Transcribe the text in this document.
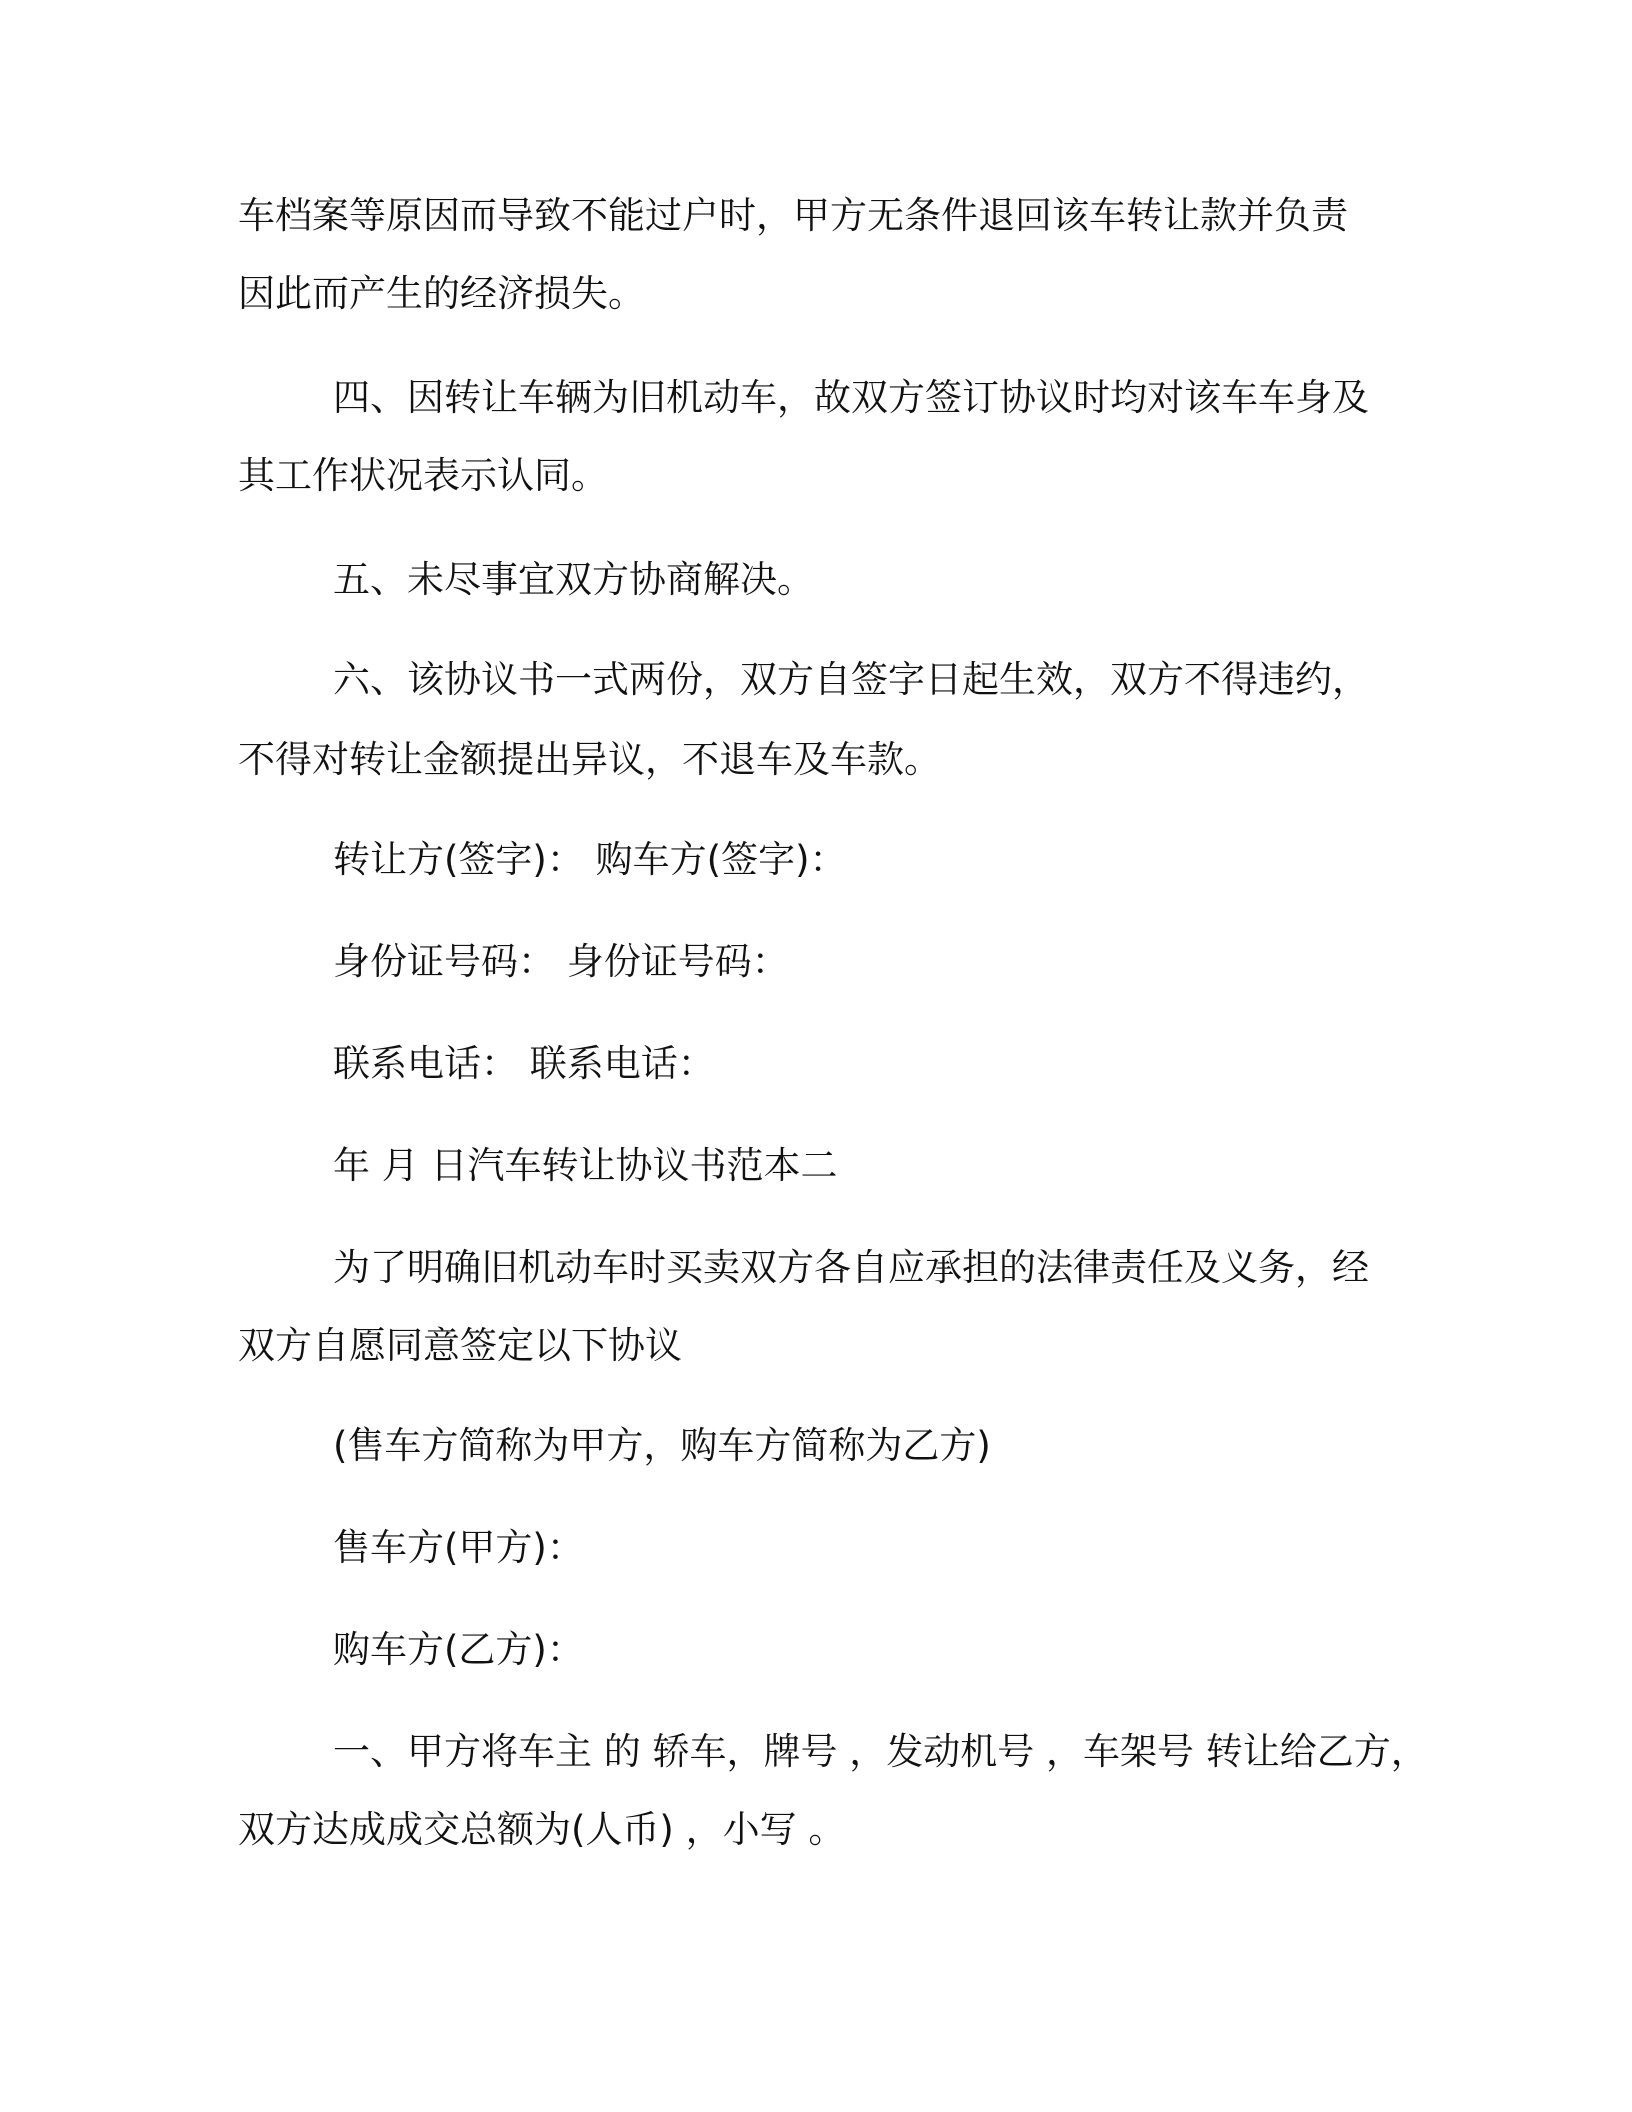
车档案等原因而导致不能过户时，甲方无条件退回该车转让款并负责
因此而产生的经济损失。
四、因转让车辆为旧机动车，故双方签订协议时均对该车车身及
其工作状况表示认同。
五、未尽事宜双方协商解决。
六、该协议书一式两份，双方自签字日起生效，双方不得违约，
不得对转让金额提出异议，不退车及车款。
转让方(签字)： 购车方(签字)：
身份证号码： 身份证号码：
联系电话： 联系电话：
年 月 日汽车转让协议书范本二
为了明确旧机动车时买卖双方各自应承担的法律责任及义务，经
双方自愿同意签定以下协议
(售车方简称为甲方，购车方简称为乙方)
售车方(甲方)：
购车方(乙方)：
一、甲方将车主 的 轿车，牌号 ，发动机号 ，车架号 转让给乙方，
双方达成成交总额为(人币) ，小写 。
